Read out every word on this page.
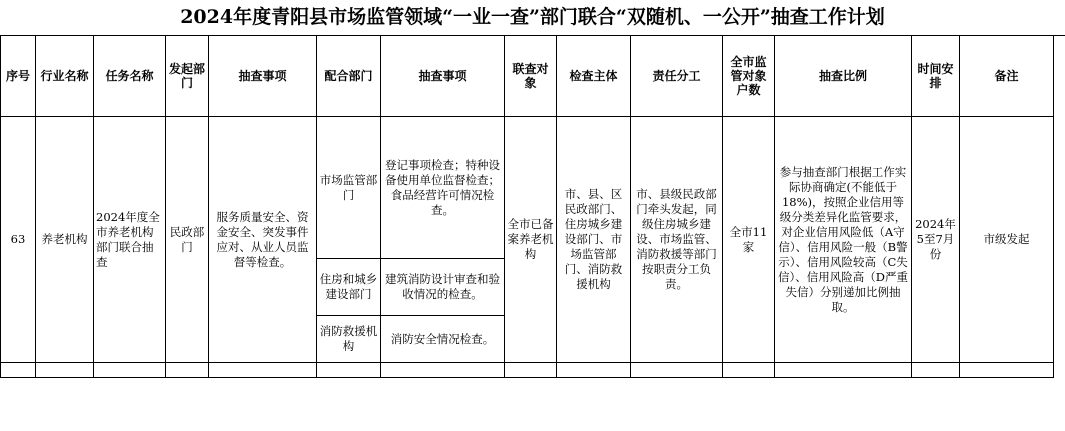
2024年度青阳县市场监管领域“一业一查”部门联合“双随机、一公开”抽查工作计划
序号	行业名称	任务名称	发起部门	抽查事项	配合部门	抽查事项	联查对象	检查主体	责任分工	全市监管对象户数	抽查比例	时间安排	备注
63	养老机构	2024年度全市养老机构部门联合抽查	民政部门	服务质量安全、资金安全、突发事件应对、从业人员监督等检查。	市场监管部门	登记事项检查；特种设备使用单位监督检查；食品经营许可情况检查。	全市已备案养老机构	市、县、区民政部门、住房城乡建设部门、市场监管部门、消防救援机构	市、县级民政部门牵头发起，同级住房城乡建设、市场监管、消防救援等部门按职责分工负责。	全市11家	参与抽查部门根据工作实际协商确定(不能低于18%)，按照企业信用等级分类差异化监管要求，对企业信用风险低（A守信）、信用风险一般（B警示）、信用风险较高（C失信）、信用风险高（D严重失信）分别递加比例抽取。	2024年5至7月份	市级发起
					住房和城乡建设部门	建筑消防设计审查和验收情况的检查。							
					消防救援机构	消防安全情况检查。							
